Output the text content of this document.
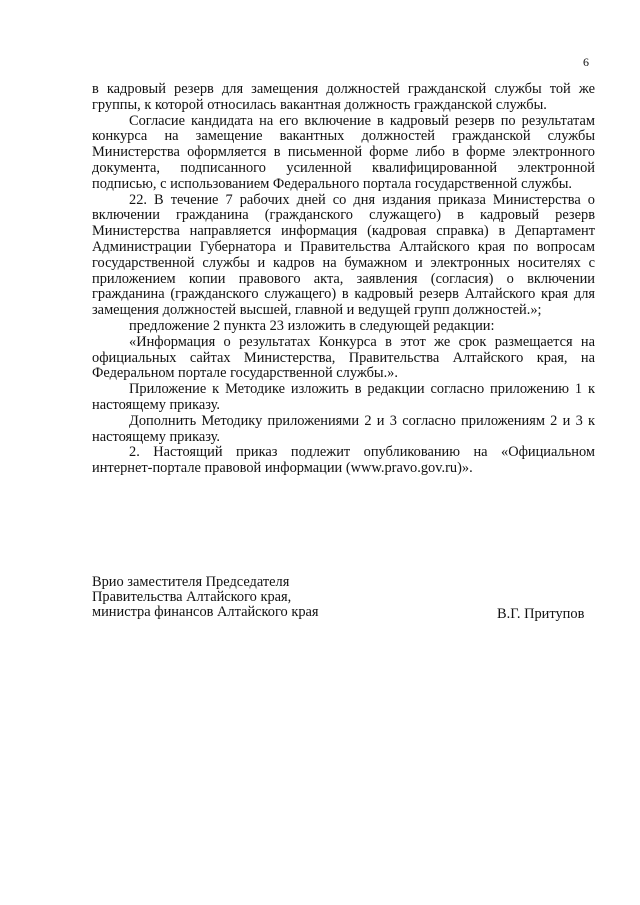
6

в кадровый резерв для замещения должностей гражданской службы той же группы, к которой относилась вакантная должность гражданской службы.

Согласие кандидата на его включение в кадровый резерв по результатам конкурса на замещение вакантных должностей гражданской службы Министерства оформляется в письменной форме либо в форме электронного документа, подписанного усиленной квалифицированной электронной подписью, с использованием Федерального портала государственной службы.

22. В течение 7 рабочих дней со дня издания приказа Министерства о включении гражданина (гражданского служащего) в кадровый резерв Министерства направляется информация (кадровая справка) в Департамент Администрации Губернатора и Правительства Алтайского края по вопросам государственной службы и кадров на бумажном и электронных носителях с приложением копии правового акта, заявления (согласия) о включении гражданина (гражданского служащего) в кадровый резерв Алтайского края для замещения должностей высшей, главной и ведущей групп должностей.»;

предложение 2 пункта 23 изложить в следующей редакции:

«Информация о результатах Конкурса в этот же срок размещается на официальных сайтах Министерства, Правительства Алтайского края, на Федеральном портале государственной службы.».

Приложение к Методике изложить в редакции согласно приложению 1 к настоящему приказу.

Дополнить Методику приложениями 2 и 3 согласно приложениям 2 и 3 к настоящему приказу.

2. Настоящий приказ подлежит опубликованию на «Официальном интернет-портале правовой информации (www.pravo.gov.ru)».

Врио заместителя Председателя
Правительства Алтайского края,
министра финансов Алтайского края	В.Г. Притупов
